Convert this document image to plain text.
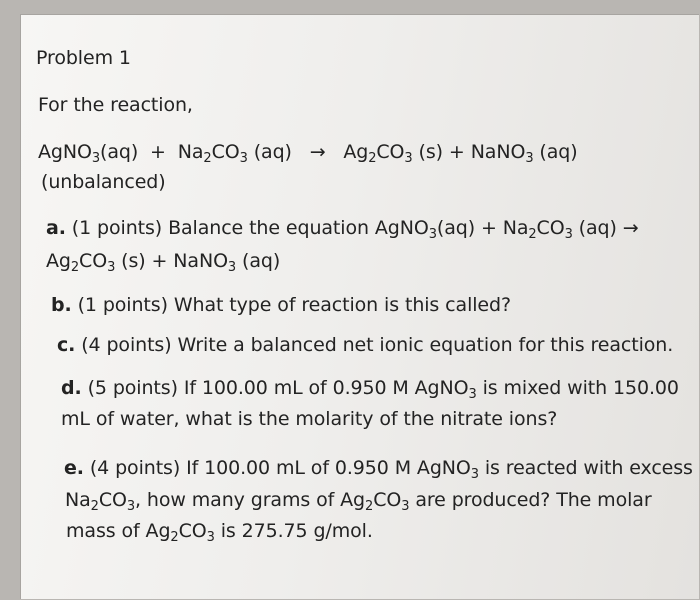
Problem 1
For the reaction,
AgNO$_3$(aq) + $Na_2CO_3$ $(aq) \to Ag_2CO_3$ (s) + NaNO$_3$ (aq)
(unbalanced)
a. (1 points) Balance the equation AgNO$_3$(aq) + $Na_2CO_3$ (aq) →
$Ag_2CO_3$ (s) + NaNO$_3$ (aq)
b. (1 points) What type of reaction is this called?
c. (4 points) Write a balanced net ionic equation for this reaction.
d. (5 points) If 100.00 mL of 0.950 M AgNO$_3$ is mixed with 150.00
mL of water, what is the molarity of the nitrate ions?
e. (4 points) If 100.00 mL of 0.950 M AgNO$_3$ is reacted with excess
$Na_2CO_3$, how many grams of $Ag_2CO_3$ are produced? The molar
mass of $Ag_2CO_3$ is 275.75 g/mol.
